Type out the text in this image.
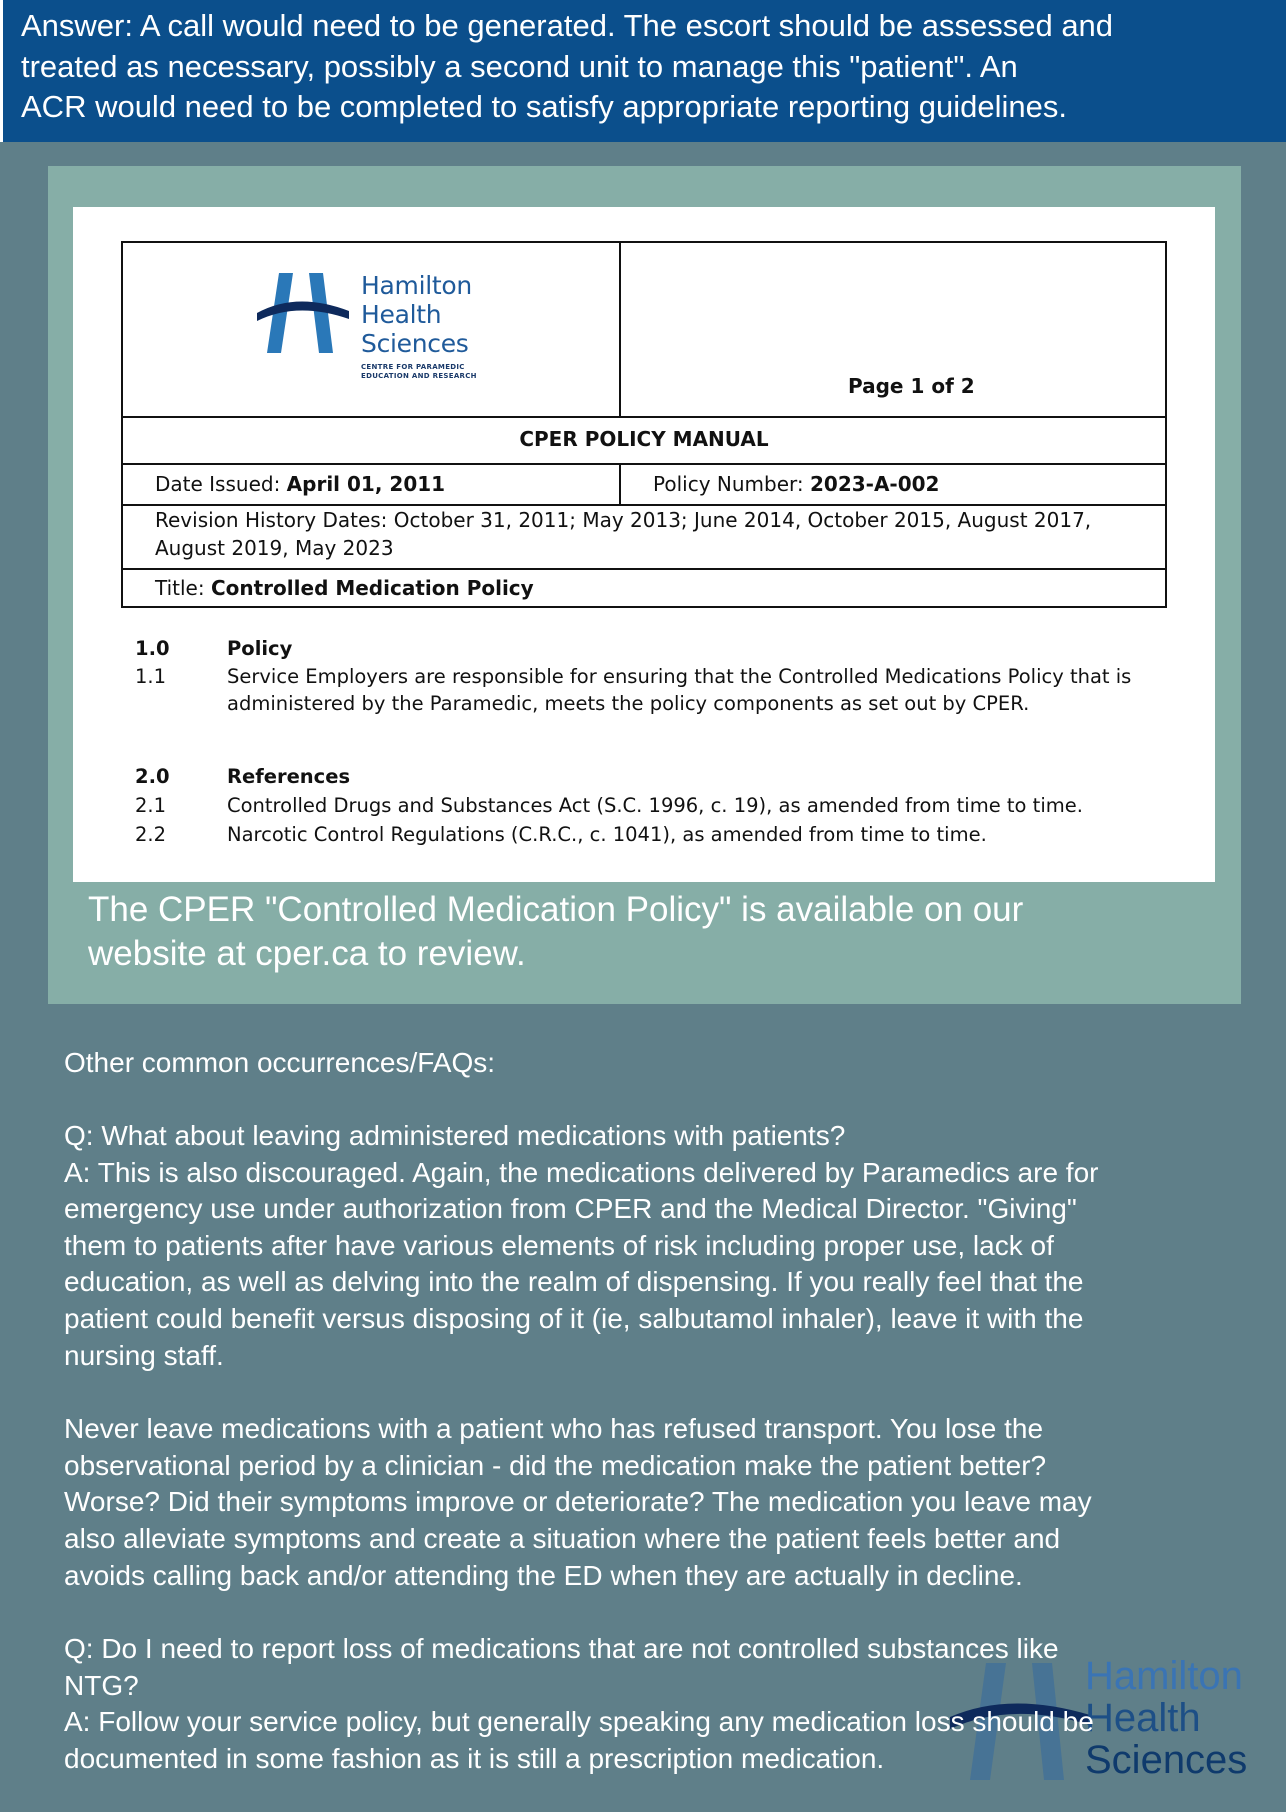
Answer: A call would need to be generated. The escort should be assessed and
treated as necessary, possibly a second unit to manage this "patient". An
ACR would need to be completed to satisfy appropriate reporting guidelines.
Hamilton
Health
Sciences
CENTRE FOR PARAMEDIC
EDUCATION AND RESEARCH	Page 1 of 2
CPER POLICY MANUAL
Date Issued: April 01, 2011	Policy Number: 2023-A-002
Revision History Dates: October 31, 2011; May 2013; June 2014, October 2015, August 2017,
August 2019, May 2023
Title: Controlled Medication Policy
1.0	Policy
1.1	Service Employers are responsible for ensuring that the Controlled Medications Policy that is
administered by the Paramedic, meets the policy components as set out by CPER.
2.0	References
2.1	Controlled Drugs and Substances Act (S.C. 1996, c. 19), as amended from time to time.
2.2	Narcotic Control Regulations (C.R.C., c. 1041), as amended from time to time.
The CPER "Controlled Medication Policy" is available on our
website at cper.ca to review.
Hamilton
Health
Sciences
Other common occurrences/FAQs:
Q: What about leaving administered medications with patients?
A: This is also discouraged. Again, the medications delivered by Paramedics are for
emergency use under authorization from CPER and the Medical Director. "Giving"
them to patients after have various elements of risk including proper use, lack of
education, as well as delving into the realm of dispensing. If you really feel that the
patient could benefit versus disposing of it (ie, salbutamol inhaler), leave it with the
nursing staff.
Never leave medications with a patient who has refused transport. You lose the
observational period by a clinician - did the medication make the patient better?
Worse? Did their symptoms improve or deteriorate? The medication you leave may
also alleviate symptoms and create a situation where the patient feels better and
avoids calling back and/or attending the ED when they are actually in decline.
Q: Do I need to report loss of medications that are not controlled substances like
NTG?
A: Follow your service policy, but generally speaking any medication loss should be
documented in some fashion as it is still a prescription medication.
